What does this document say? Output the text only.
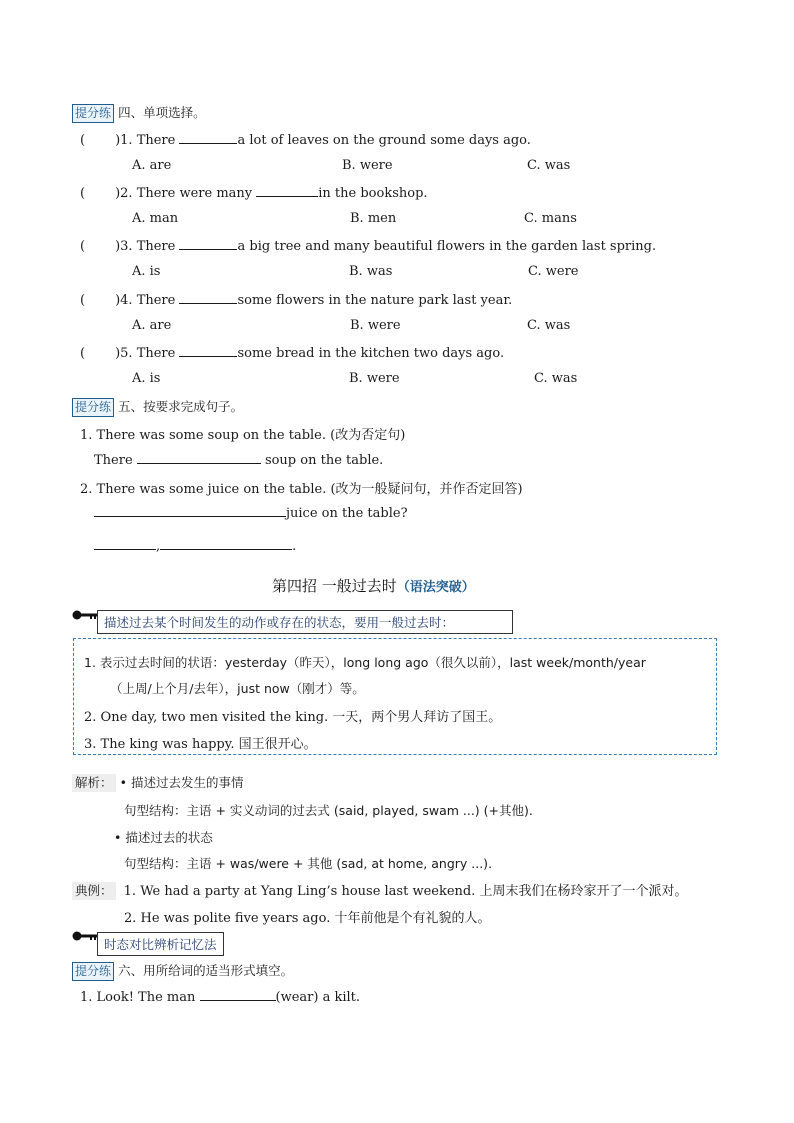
提分练 四、单项选择。
( )1. There	a lot of leaves on the ground some days ago.
A. are	B. were	C. was
( )2. There were many	in the bookshop.
A. man	B. men	C. mans
( )3. There	a big tree and many beautiful flowers in the garden last spring.
A. is	B. was	C. were
( )4. There	some flowers in the nature park last year.
A. are	B. were	C. was
( )5. There	some bread in the kitchen two days ago.
A. is	B. were	C. was
提分练 五、按要求完成句子。
1. There was some soup on the table. (改为否定句)
There	soup on the table.
2. There was some juice on the table. (改为一般疑问句，并作否定回答)
juice on the table?
,	.
第四招 一般过去时（语法突破）
描述过去某个时间发生的动作或存在的状态，要用一般过去时：
1. 表示过去时间的状语：yesterday（昨天），long long ago（很久以前），last week/month/year
（上周/上个月/去年），just now（刚才）等。
2. One day, two men visited the king. 一天，两个男人拜访了国王。
3. The king was happy. 国王很开心。
解析： • 描述过去发生的事情
句型结构：主语 + 实义动词的过去式 (said, played, swam ...) (+其他).
• 描述过去的状态
句型结构：主语 + was/were + 其他 (sad, at home, angry ...).
典例： 1. We had a party at Yang Ling’s house last weekend. 上周末我们在杨玲家开了一个派对。
2. He was polite five years ago. 十年前他是个有礼貌的人。
时态对比辨析记忆法
提分练 六、用所给词的适当形式填空。
1. Look! The man	(wear) a kilt.
